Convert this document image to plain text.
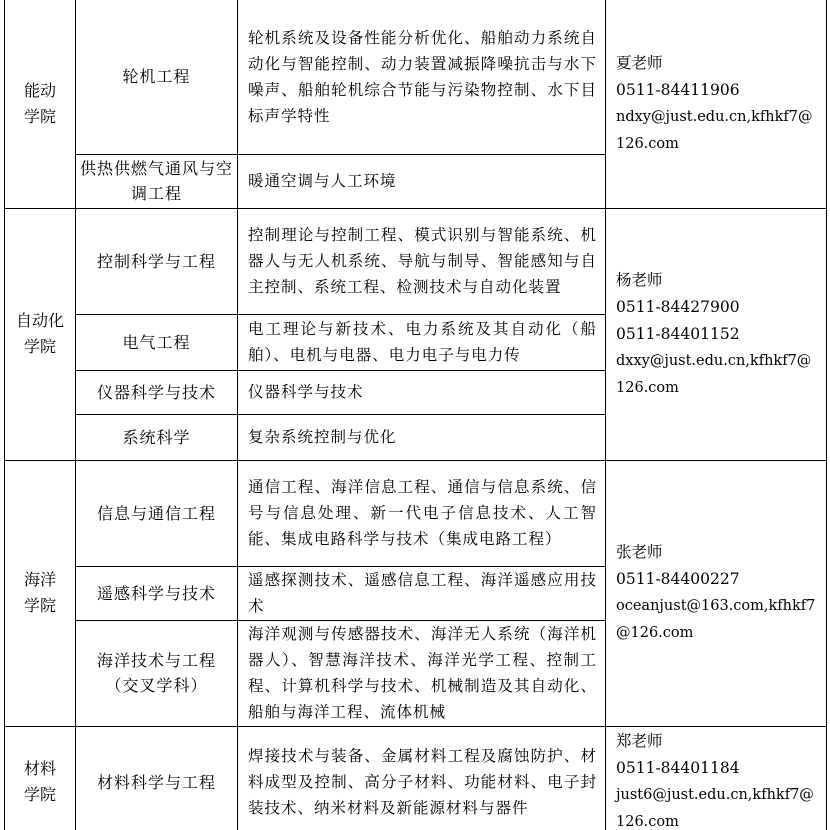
能动
学院	轮机工程	轮机系统及设备性能分析优化、船舶动力系统自动化与智能控制、动力装置减振降噪抗击与水下噪声、船舶轮机综合节能与污染物控制、水下目标声学特性	夏老师
0511-84411906
ndxy@just.edu.cn,kfhkf7@126.com

	供热供燃气通风与空调工程	暖通空调与人工环境	

自动化
学院	控制科学与工程	控制理论与控制工程、模式识别与智能系统、机器人与无人机系统、导航与制导、智能感知与自主控制、系统工程、检测技术与自动化装置	杨老师
0511-84427900
0511-84401152
dxxy@just.edu.cn,kfhkf7@126.com

	电气工程	电工理论与新技术、电力系统及其自动化（船舶）、电机与电器、电力电子与电力传	

	仪器科学与技术	仪器科学与技术	

	系统科学	复杂系统控制与优化	

海洋
学院	信息与通信工程	通信工程、海洋信息工程、通信与信息系统、信号与信息处理、新一代电子信息技术、人工智能、集成电路科学与技术（集成电路工程）	张老师
0511-84400227
oceanjust@163.com,kfhkf7@126.com

	遥感科学与技术	遥感探测技术、遥感信息工程、海洋遥感应用技术	

	海洋技术与工程
（交叉学科）	海洋观测与传感器技术、海洋无人系统（海洋机器人）、智慧海洋技术、海洋光学工程、控制工程、计算机科学与技术、机械制造及其自动化、船舶与海洋工程、流体机械	

材料
学院	材料科学与工程	焊接技术与装备、金属材料工程及腐蚀防护、材料成型及控制、高分子材料、功能材料、电子封装技术、纳米材料及新能源材料与器件	郑老师
0511-84401184
just6@just.edu.cn,kfhkf7@126.com
